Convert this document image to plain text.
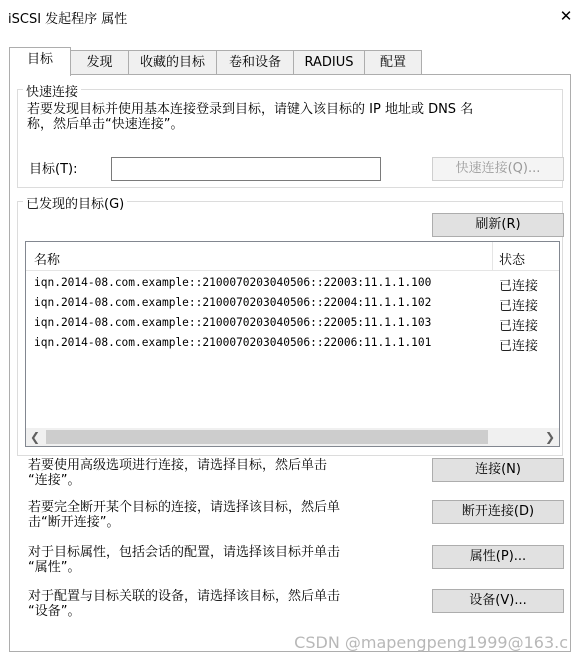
iSCSI 发起程序 属性	✕
目标	发现	收藏的目标	卷和设备	RADIUS	配置
快速连接
若要发现目标并使用基本连接登录到目标，请键入该目标的 IP 地址或 DNS 名
称，然后单击“快速连接”。
目标(T):	快速连接(Q)...
已发现的目标(G)
刷新(R)
名称	状态
iqn.2014-08.com.example::2100070203040506::22003:11.1.1.100	已连接
iqn.2014-08.com.example::2100070203040506::22004:11.1.1.102	已连接
iqn.2014-08.com.example::2100070203040506::22005:11.1.1.103	已连接
iqn.2014-08.com.example::2100070203040506::22006:11.1.1.101	已连接
❮	❯
若要使用高级选项进行连接，请选择目标，然后单击
“连接”。
连接(N)
若要完全断开某个目标的连接，请选择该目标，然后单
击“断开连接”。
断开连接(D)
对于目标属性，包括会话的配置，请选择该目标并单击
“属性”。
属性(P)...
对于配置与目标关联的设备，请选择该目标，然后单击
“设备”。
设备(V)...
CSDN @mapengpeng1999@163.c
